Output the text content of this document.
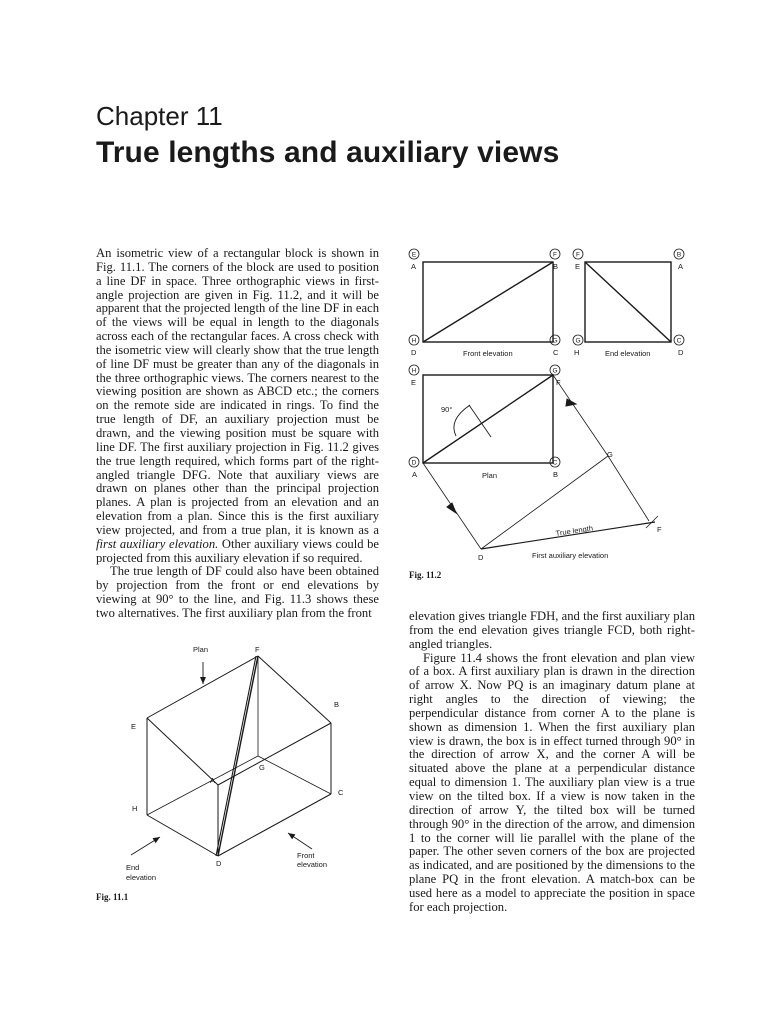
Chapter 11
True lengths and auxiliary views

An isometric view of a rectangular block is shown in Fig. 11.1. The corners of the block are used to position a line DF in space. Three orthographic views in first-angle projection are given in Fig. 11.2, and it will be apparent that the projected length of the line DF in each of the views will be equal in length to the diagonals across each of the rectangular faces. A cross check with the isometric view will clearly show that the true length of line DF must be greater than any of the diagonals in the three orthographic views. The corners nearest to the viewing position are shown as ABCD etc.; the corners on the remote side are indicated in rings. To find the true length of DF, an auxiliary projection must be drawn, and the viewing position must be square with line DF. The first auxiliary projection in Fig. 11.2 gives the true length required, which forms part of the right-angled triangle DFG. Note that auxiliary views are drawn on planes other than the principal projection planes. A plan is projected from an elevation and an elevation from a plan. Since this is the first auxiliary view projected, and from a true plan, it is known as a first auxiliary elevation. Other auxiliary views could be projected from this auxiliary elevation if so required.

The true length of DF could also have been obtained by projection from the front or end elevations by viewing at 90° to the line, and Fig. 11.3 shows these two alternatives. The first auxiliary plan from the front	elevation gives triangle FDH, and the first auxiliary plan from the end elevation gives triangle FCD, both right-angled triangles.

Figure 11.4 shows the front elevation and plan view of a box. A first auxiliary plan is drawn in the direction of arrow X. Now PQ is an imaginary datum plane at right angles to the direction of viewing; the perpendicular distance from corner A to the plane is shown as dimension 1. When the first auxiliary plan view is drawn, the box is in effect turned through 90° in the direction of arrow X, and the corner A will be situated above the plane at a perpendicular distance equal to dimension 1. The auxiliary plan view is a true view on the tilted box. If a view is now taken in the direction of arrow Y, the tilted box will be turned through 90° in the direction of the arrow, and dimension 1 to the corner will lie parallel with the plane of the paper. The other seven corners of the box are projected as indicated, and are positioned by the dimensions to the plane PQ in the front elevation. A match-box can be used here as a model to appreciate the position in space for each projection.

Fig. 11.2
Fig. 11.1
E	F	F	B
H	G	G	C
H	G
D	C
A	B E	A
D	C H	D
E	F
A	B
G
D
F
Front elevation	End elevation
Plan
90°
True length
First auxiliary elevation
Plan	F
B
E
G
A
C
H
D
Front
elevation
End
elevation
